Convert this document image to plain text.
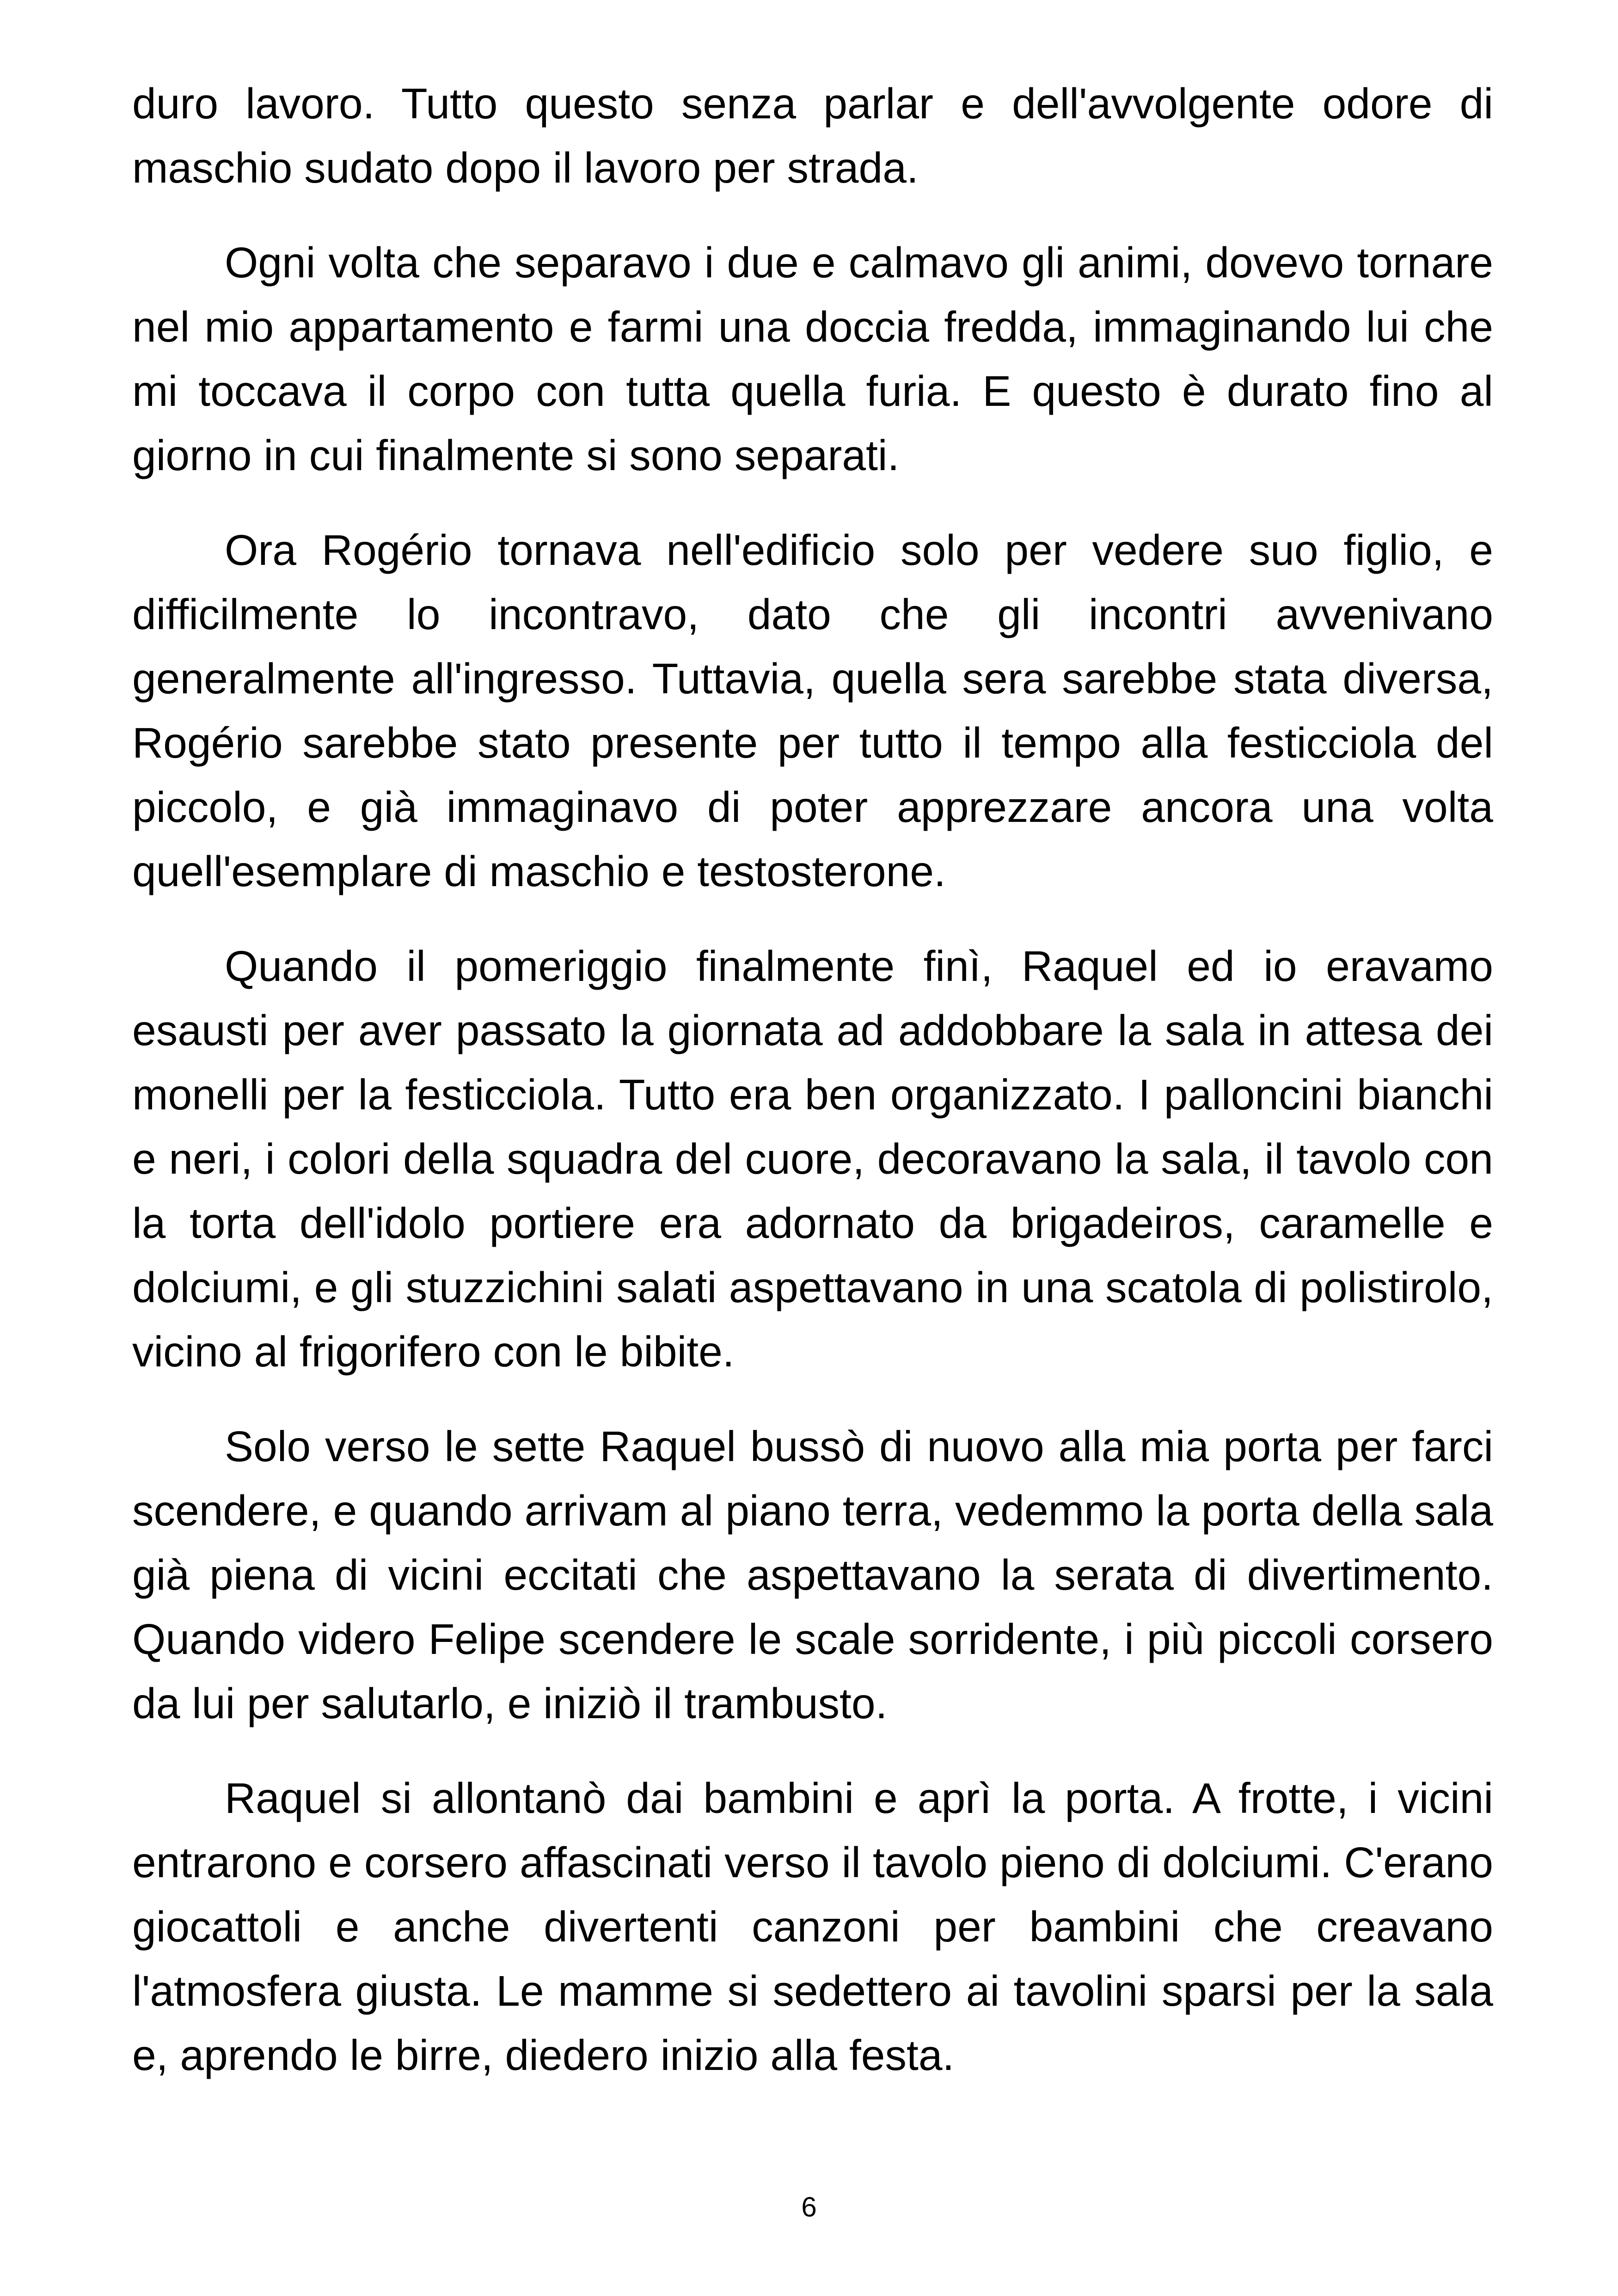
duro lavoro. Tutto questo senza parlar e dell'avvolgente odore di maschio sudato dopo il lavoro per strada.

Ogni volta che separavo i due e calmavo gli animi, dovevo tornare nel mio appartamento e farmi una doccia fredda, immaginando lui che mi toccava il corpo con tutta quella furia. E questo è durato fino al giorno in cui finalmente si sono separati.

Ora Rogério tornava nell'edificio solo per vedere suo figlio, e difficilmente lo incontravo, dato che gli incontri avvenivano generalmente all'ingresso. Tuttavia, quella sera sarebbe stata diversa, Rogério sarebbe stato presente per tutto il tempo alla festicciola del piccolo, e già immaginavo di poter apprezzare ancora una volta quell'esemplare di maschio e testosterone.

Quando il pomeriggio finalmente finì, Raquel ed io eravamo esausti per aver passato la giornata ad addobbare la sala in attesa dei monelli per la festicciola. Tutto era ben organizzato. I palloncini bianchi e neri, i colori della squadra del cuore, decoravano la sala, il tavolo con la torta dell'idolo portiere era adornato da brigadeiros, caramelle e dolciumi, e gli stuzzichini salati aspettavano in una scatola di polistirolo, vicino al frigorifero con le bibite.

Solo verso le sette Raquel bussò di nuovo alla mia porta per farci scendere, e quando arrivam al piano terra, vedemmo la porta della sala già piena di vicini eccitati che aspettavano la serata di divertimento. Quando videro Felipe scendere le scale sorridente, i più piccoli corsero da lui per salutarlo, e iniziò il trambusto.

Raquel si allontanò dai bambini e aprì la porta. A frotte, i vicini entrarono e corsero affascinati verso il tavolo pieno di dolciumi. C'erano giocattoli e anche divertenti canzoni per bambini che creavano l'atmosfera giusta. Le mamme si sedettero ai tavolini sparsi per la sala e, aprendo le birre, diedero inizio alla festa.

6
